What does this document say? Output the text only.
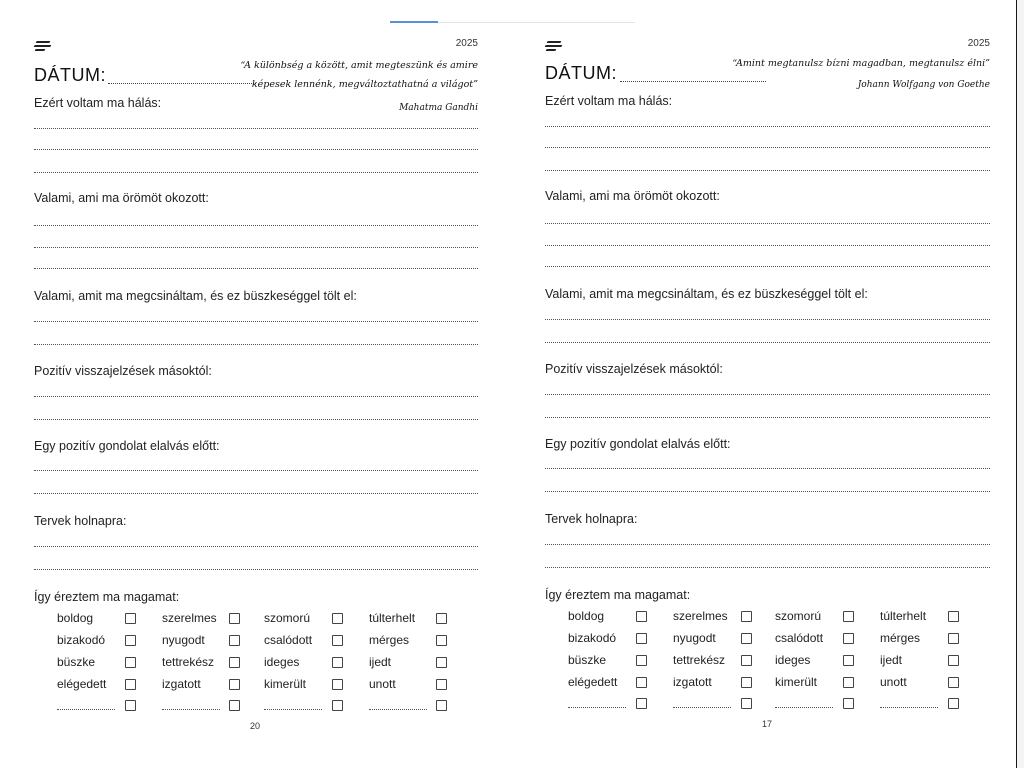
2025
DÁTUM:	“A különbség a között, amit megteszünk és amire képesek lennénk, megváltoztathatná a világot”
Mahatma Gandhi
Ezért voltam ma hálás:
Valami, ami ma örömöt okozott:
Valami, amit ma megcsináltam, és ez büszkeséggel tölt el:
Pozitív visszajelzések másoktól:
Egy pozitív gondolat elalvás előtt:
Tervek holnapra:
Így éreztem ma magamat:
boldog	szerelmes	szomorú	túlterhelt
bizakodó	nyugodt	csalódott	mérges
büszke	tettrekész	ideges	ijedt
elégedett	izgatott	kimerült	unott
20
2025
DÁTUM:	“Amint megtanulsz bízni magadban, megtanulsz élni”
Johann Wolfgang von Goethe
Ezért voltam ma hálás:
Valami, ami ma örömöt okozott:
Valami, amit ma megcsináltam, és ez büszkeséggel tölt el:
Pozitív visszajelzések másoktól:
Egy pozitív gondolat elalvás előtt:
Tervek holnapra:
Így éreztem ma magamat:
boldog	szerelmes	szomorú	túlterhelt
bizakodó	nyugodt	csalódott	mérges
büszke	tettrekész	ideges	ijedt
elégedett	izgatott	kimerült	unott
17
